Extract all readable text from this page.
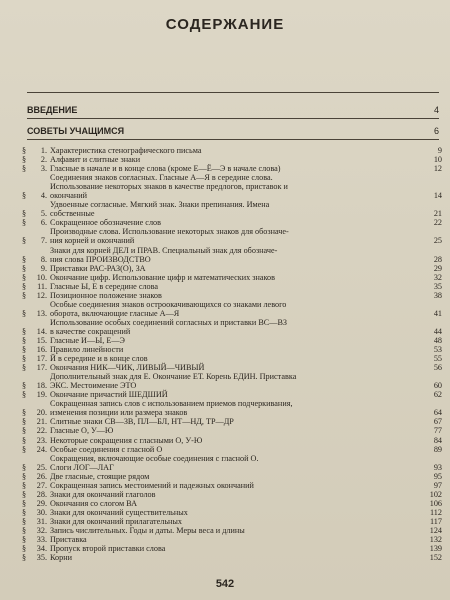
СОДЕРЖАНИЕ
ВВЕДЕНИЕ	4
СОВЕТЫ УЧАЩИМСЯ	6
§	1. Характеристика стенографического письма	9
§	2. Алфавит и слитные знаки	10
§	3. Гласные в начале и в конце слова (кроме Е—Ё—Э в начале слова)	12
§	4.
Соединения знаков согласных. Гласные А—Я в середине слова.
Использование некоторых знаков в качестве предлогов, приставок и
окончаний	14
§	5.
Удвоенные согласные. Мягкий знак. Знаки препинания. Имена
собственные	21
§	6. Сокращенное обозначение слов	22
§	7.
Производные слова. Использование некоторых знаков для обозначе-
ния корней и окончаний	25
§	8.
Знаки для корней ДЕЛ и ПРАВ. Специальный знак для обозначе-
ния слова ПРОИЗВОДСТВО	28
§	9. Приставки РАС-РАЗ(О), ЗА	29
§	10. Окончание цифр. Использование цифр и математических знаков	32
§	11. Гласные Ы, Е в середине слова	35
§	12. Позиционное положение знаков	38
§	13.
Особые соединения знаков остроокачивающихся со знаками левого
оборота, включающие гласные А—Я	41
§	14.
Использование особых соединений согласных и приставки ВС—ВЗ
в качестве сокращений	44
§	15. Гласные И—Ы, Е—Э	48
§	16. Правило линейности	53
§	17. Й в середине и в конце слов	55
§	17. Окончания НИК—ЧИК, ЛИВЫЙ—ЧИВЫЙ	56
§	18.
Дополнительный знак для Е. Окончание ЕТ. Корень ЕДИН. Приставка
ЭКС. Местоимение ЭТО	60
§	19. Окончание причастий ШЕДШИЙ	62
§	20.
Сокращенная запись слов с использованием приемов подчеркивания,
изменения позиции или размера знаков	64
§	21. Слитные знаки СВ—ЗВ, ПЛ—БЛ, НТ—НД, ТР—ДР	67
§	22. Гласные О, У—Ю	77
§	23. Некоторые сокращения с гласными О, У-Ю	84
§	24. Особые соединения с гласной О	89
§	25.
Сокращения, включающие особые соединения с гласной О.
Слоги ЛОГ—ЛАГ	93
§	26. Две гласные, стоящие рядом	95
§	27. Сокращенная запись местоимений и падежных окончаний	97
§	28. Знаки для окончаний глаголов	102
§	29. Окончания со слогом ВА	106
§	30. Знаки для окончаний существительных	112
§	31. Знаки для окончаний прилагательных	117
§	32. Запись числительных. Годы и даты. Меры веса и длины	124
§	33. Приставка	132
§	34. Пропуск второй приставки слова	139
§	35. Корни	152
542
